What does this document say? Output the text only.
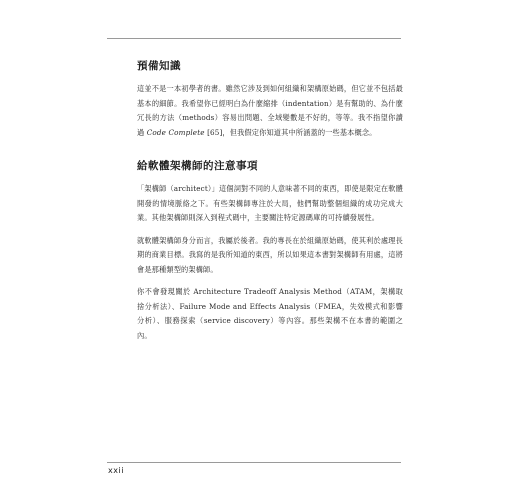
預備知識

這並不是一本初學者的書。雖然它涉及到如何組織和架構原始碼，但它並不包括最基本的細節。我希望你已經明白為什麼縮排（indentation）是有幫助的、為什麼冗長的方法（methods）容易出問題、全域變數是不好的，等等。我不指望你讀過 Code Complete [65]，但我假定你知道其中所涵蓋的一些基本概念。

給軟體架構師的注意事項

「架構師（architect）」這個詞對不同的人意味著不同的東西，即使是限定在軟體開發的情境脈絡之下。有些架構師專注於大局，他們幫助整個組織的成功完成大業。其他架構師則深入到程式碼中，主要關注特定源碼庫的可持續發展性。

就軟體架構師身分而言，我屬於後者。我的專長在於組織原始碼，使其利於處理長期的商業目標。我寫的是我所知道的東西，所以如果這本書對架構師有用處，這將會是那種類型的架構師。

你不會發現關於 Architecture Tradeoff Analysis Method（ATAM，架構取捨分析法）、Failure Mode and Effects Analysis（FMEA，失效模式和影響分析）、服務探索（service discovery）等內容。那些架構不在本書的範圍之內。

xxii
